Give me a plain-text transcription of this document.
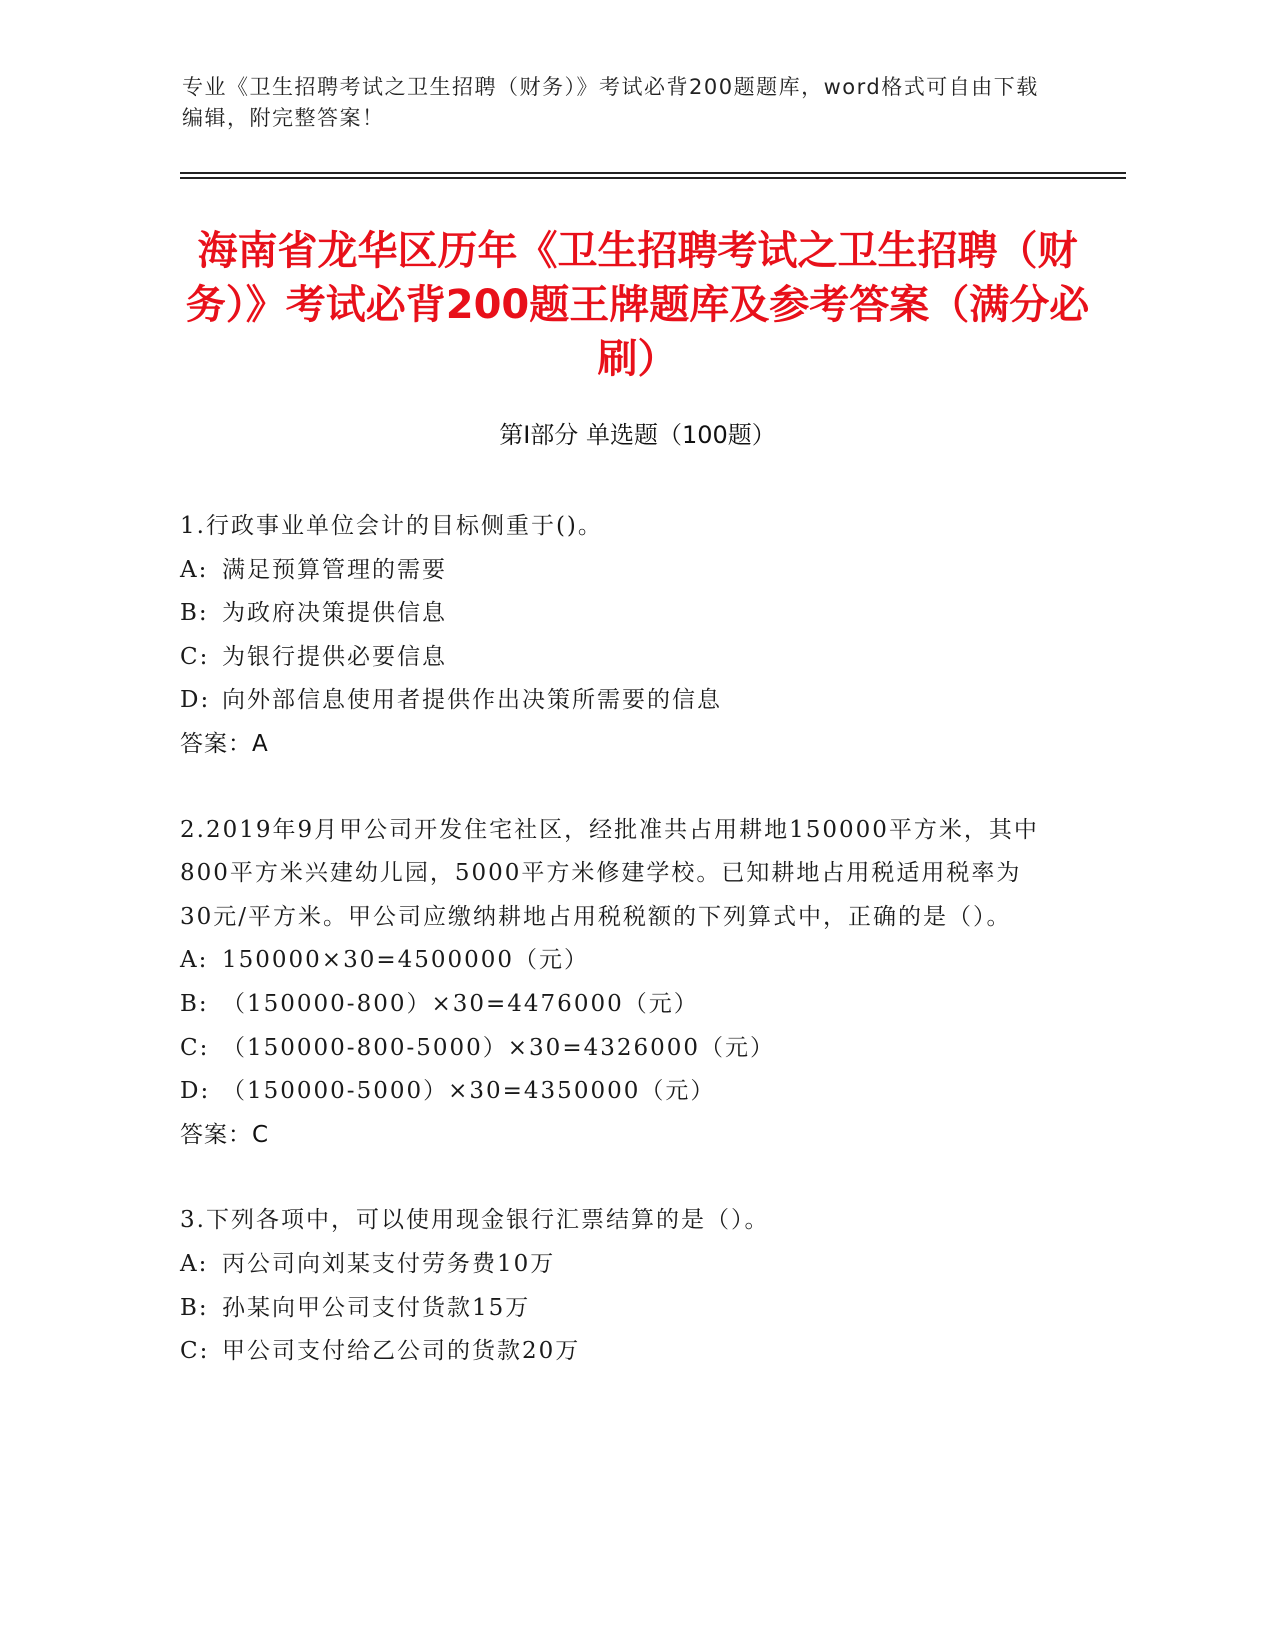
专业《卫生招聘考试之卫生招聘（财务）》考试必背200题题库，word格式可自由下载编辑，附完整答案！
海南省龙华区历年《卫生招聘考试之卫生招聘（财务）》考试必背200题王牌题库及参考答案（满分必刷）
第Ⅰ部分 单选题（100题）

1.行政事业单位会计的目标侧重于()。

A: 满足预算管理的需要

B: 为政府决策提供信息

C: 为银行提供必要信息

D: 向外部信息使用者提供作出决策所需要的信息

答案：A

2.2019年9月甲公司开发住宅社区，经批准共占用耕地150000平方米，其中800平方米兴建幼儿园，5000平方米修建学校。已知耕地占用税适用税率为30元/平方米。甲公司应缴纳耕地占用税税额的下列算式中，正确的是（）。

A: 150000×30=4500000（元）

B: （150000-800）×30=4476000（元）

C: （150000-800-5000）×30=4326000（元）

D: （150000-5000）×30=4350000（元）

答案：C

3.下列各项中，可以使用现金银行汇票结算的是（）。

A: 丙公司向刘某支付劳务费10万

B: 孙某向甲公司支付货款15万

C: 甲公司支付给乙公司的货款20万
